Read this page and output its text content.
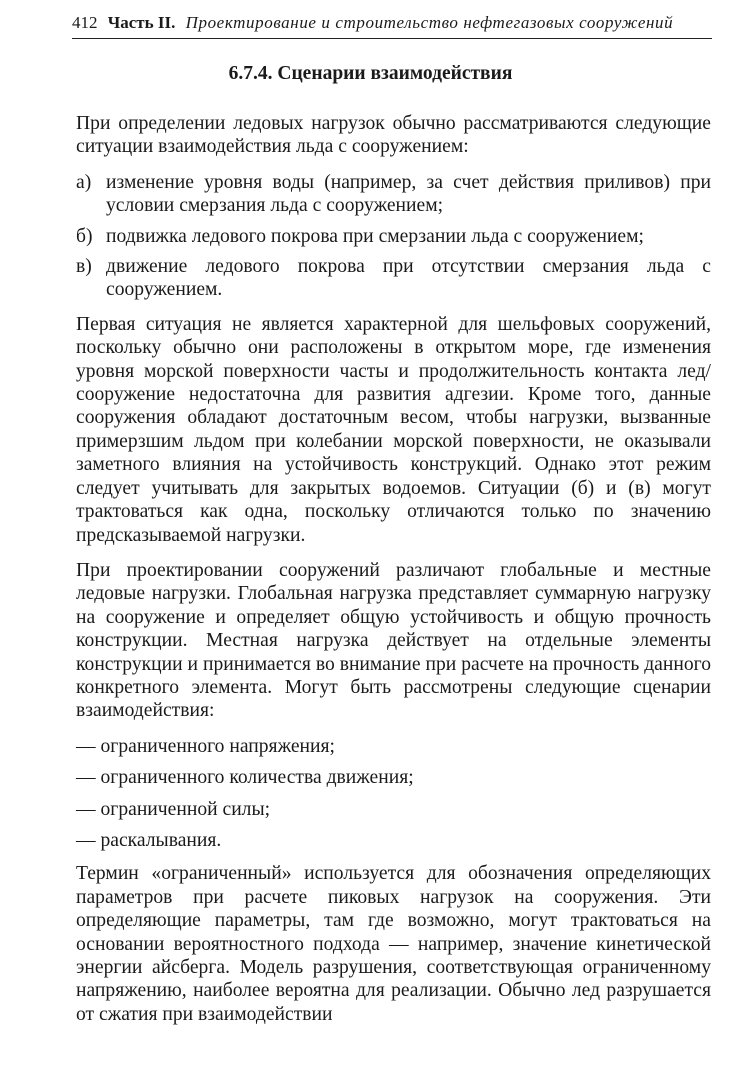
412 Часть II. Проектирование и строительство нефтегазовых сооружений
6.7.4. Сценарии взаимодействия

При определении ледовых нагрузок обычно рассматриваются следующие ситуации взаимодействия льда с сооружением:

а) изменение уровня воды (например, за счет действия приливов) при условии смерзания льда с сооружением;
б) подвижка ледового покрова при смерзании льда с сооружением;
в) движение ледового покрова при отсутствии смерзания льда с сооружением.

Первая ситуация не является характерной для шельфовых сооружений, поскольку обычно они расположены в открытом море, где изменения уровня морской поверхности часты и продолжительность контакта лед/сооружение недостаточна для развития адгезии. Кроме того, данные сооружения обладают достаточным весом, чтобы нагрузки, вызванные примерзшим льдом при колебании морской поверхности, не оказывали заметного влияния на устойчивость конструкций. Однако этот режим следует учитывать для закрытых водоемов. Ситуации (б) и (в) могут трактоваться как одна, поскольку отличаются только по значению предсказываемой нагрузки.

При проектировании сооружений различают глобальные и местные ледовые нагрузки. Глобальная нагрузка представляет суммарную нагрузку на сооружение и определяет общую устойчивость и общую прочность конструкции. Местная нагрузка действует на отдельные элементы конструкции и принимается во внимание при расчете на прочность данного конкретного элемента. Могут быть рассмотрены следующие сценарии взаимодействия:

— ограниченного напряжения;
— ограниченного количества движения;
— ограниченной силы;
— раскалывания.

Термин «ограниченный» используется для обозначения определяющих параметров при расчете пиковых нагрузок на сооружения. Эти определяющие параметры, там где возможно, могут трактоваться на основании вероятностного подхода — например, значение кинетической энергии айсберга. Модель разрушения, соответствующая ограниченному напряжению, наиболее вероятна для реализации. Обычно лед разрушается от сжатия при взаимодействии
